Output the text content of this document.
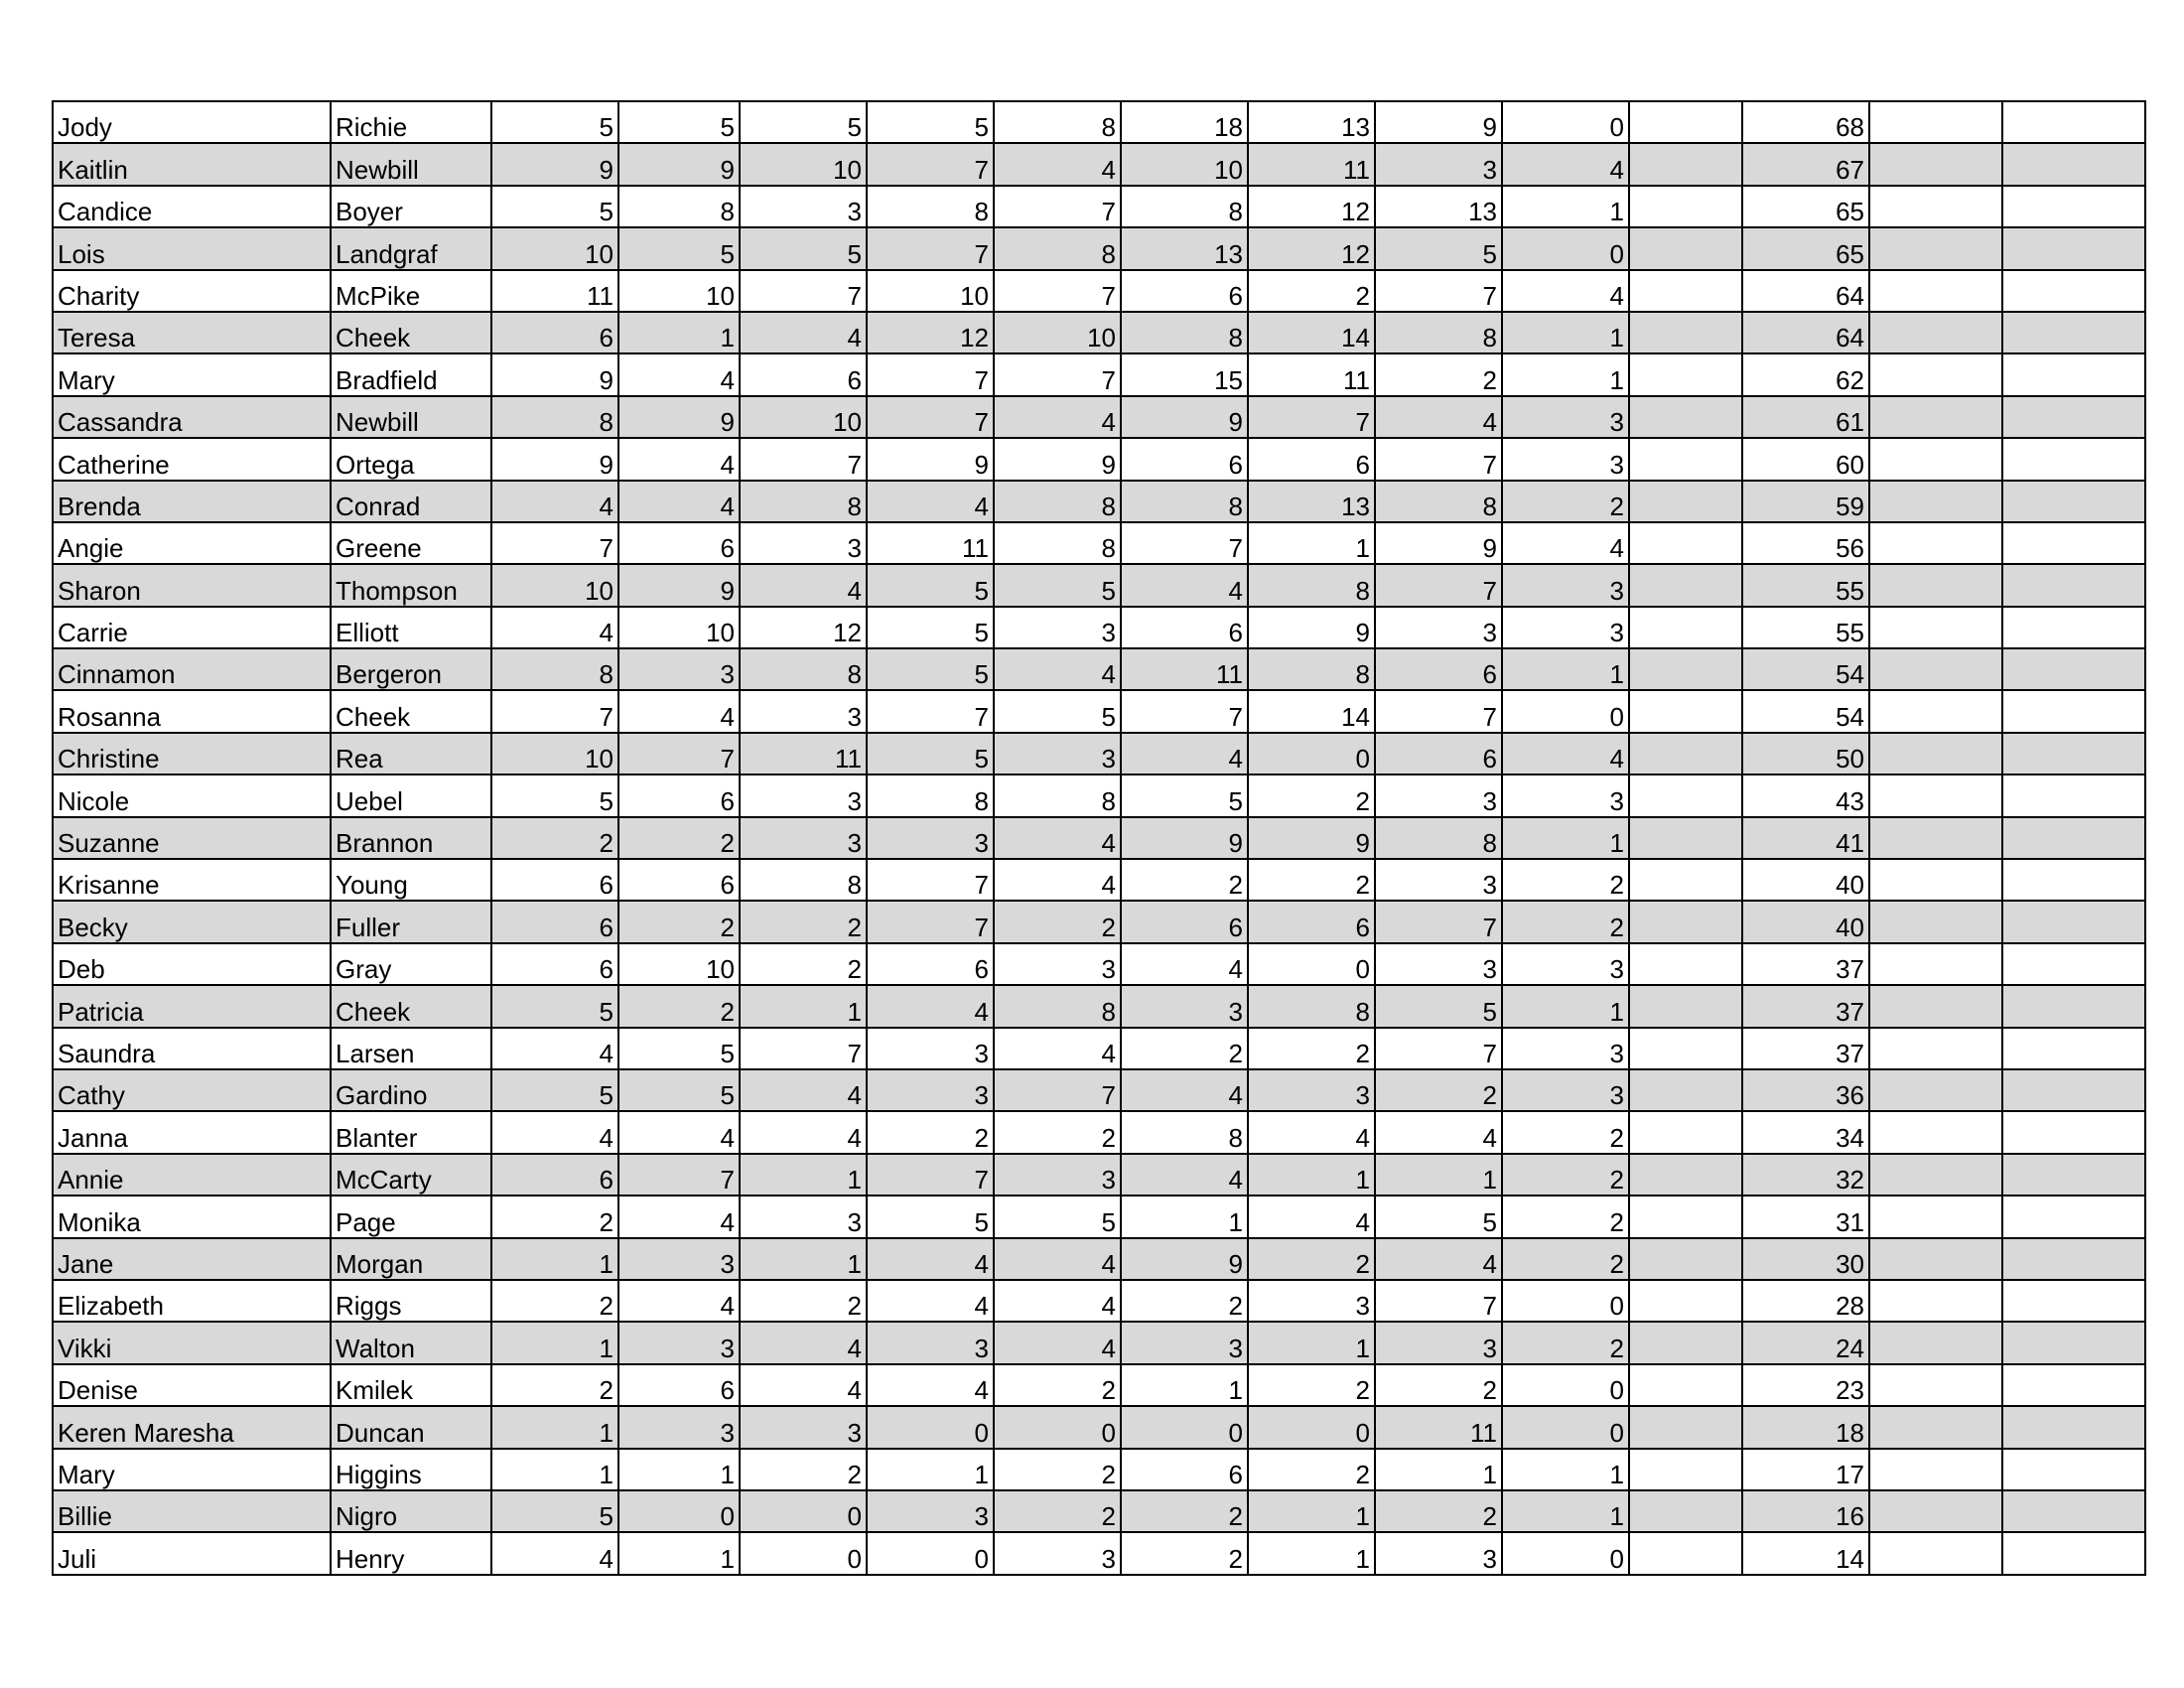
Jody	Richie	5	5	5	5	8	18	13	9	0		68		
Kaitlin	Newbill	9	9	10	7	4	10	11	3	4		67		
Candice	Boyer	5	8	3	8	7	8	12	13	1		65		
Lois	Landgraf	10	5	5	7	8	13	12	5	0		65		
Charity	McPike	11	10	7	10	7	6	2	7	4		64		
Teresa	Cheek	6	1	4	12	10	8	14	8	1		64		
Mary	Bradfield	9	4	6	7	7	15	11	2	1		62		
Cassandra	Newbill	8	9	10	7	4	9	7	4	3		61		
Catherine	Ortega	9	4	7	9	9	6	6	7	3		60		
Brenda	Conrad	4	4	8	4	8	8	13	8	2		59		
Angie	Greene	7	6	3	11	8	7	1	9	4		56		
Sharon	Thompson	10	9	4	5	5	4	8	7	3		55		
Carrie	Elliott	4	10	12	5	3	6	9	3	3		55		
Cinnamon	Bergeron	8	3	8	5	4	11	8	6	1		54		
Rosanna	Cheek	7	4	3	7	5	7	14	7	0		54		
Christine	Rea	10	7	11	5	3	4	0	6	4		50		
Nicole	Uebel	5	6	3	8	8	5	2	3	3		43		
Suzanne	Brannon	2	2	3	3	4	9	9	8	1		41		
Krisanne	Young	6	6	8	7	4	2	2	3	2		40		
Becky	Fuller	6	2	2	7	2	6	6	7	2		40		
Deb	Gray	6	10	2	6	3	4	0	3	3		37		
Patricia	Cheek	5	2	1	4	8	3	8	5	1		37		
Saundra	Larsen	4	5	7	3	4	2	2	7	3		37		
Cathy	Gardino	5	5	4	3	7	4	3	2	3		36		
Janna	Blanter	4	4	4	2	2	8	4	4	2		34		
Annie	McCarty	6	7	1	7	3	4	1	1	2		32		
Monika	Page	2	4	3	5	5	1	4	5	2		31		
Jane	Morgan	1	3	1	4	4	9	2	4	2		30		
Elizabeth	Riggs	2	4	2	4	4	2	3	7	0		28		
Vikki	Walton	1	3	4	3	4	3	1	3	2		24		
Denise	Kmilek	2	6	4	4	2	1	2	2	0		23		
Keren Maresha	Duncan	1	3	3	0	0	0	0	11	0		18		
Mary	Higgins	1	1	2	1	2	6	2	1	1		17		
Billie	Nigro	5	0	0	3	2	2	1	2	1		16		
Juli	Henry	4	1	0	0	3	2	1	3	0		14		
